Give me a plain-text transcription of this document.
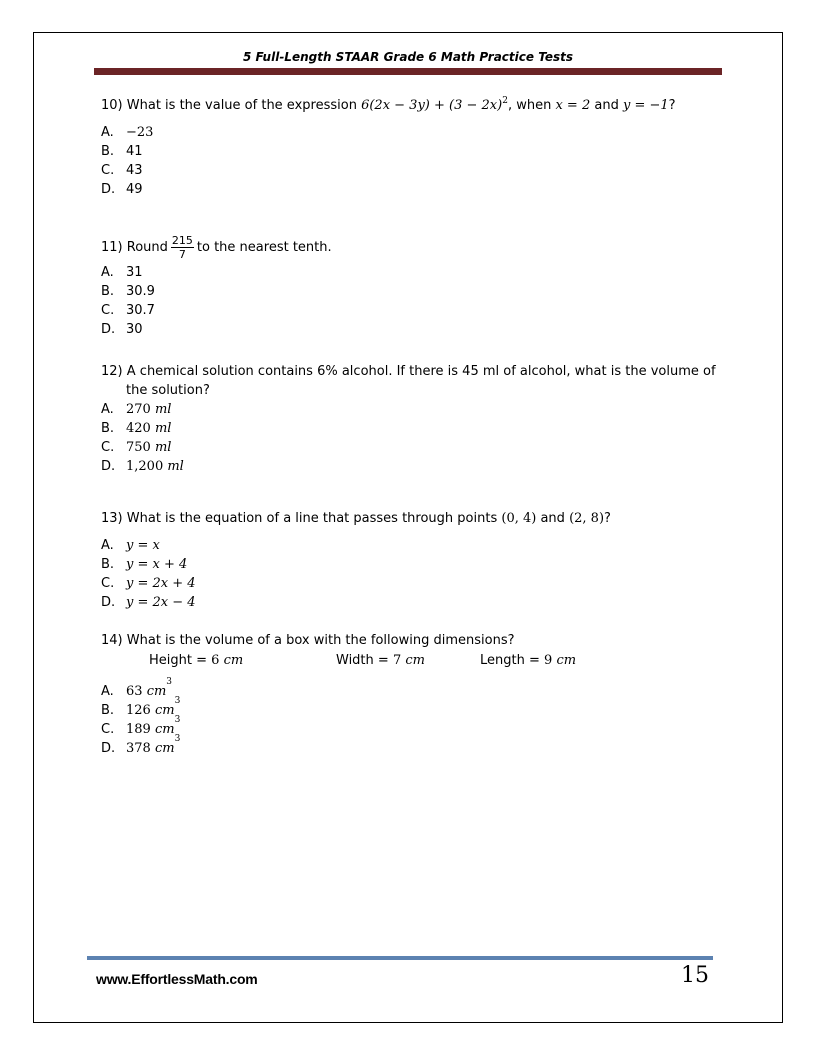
5 Full-Length STAAR Grade 6 Math Practice Tests
10) What is the value of the expression $6(2x - 3y) + (3 - 2x)^2$, when x = 2 and y = −1?
A. −23
B. 41
C. 43
D. 49
11) Round $\frac{215}{7}$ to the nearest tenth.
A. 31
B. 30.9
C. 30.7
D. 30
12) A chemical solution contains 6% alcohol. If there is 45 ml of alcohol, what is the volume of
the solution?
A. 270
ml
B. 420
ml
C. 750
ml
D. 1,200
ml
13) What is the equation of a line that passes through points (0, 4) and (2, 8)?
A. y = x
B. y = x + 4
C. y = 2x + 4
D. y = 2x − 4
14) What is the volume of a box with the following dimensions?
Height = 6 cm	Width = 7 cm	Length = 9 cm
A. 63
cm
3
B. 126
cm
3
C. 189
cm
3
D. 378
cm
3
www.EffortlessMath.com	15
